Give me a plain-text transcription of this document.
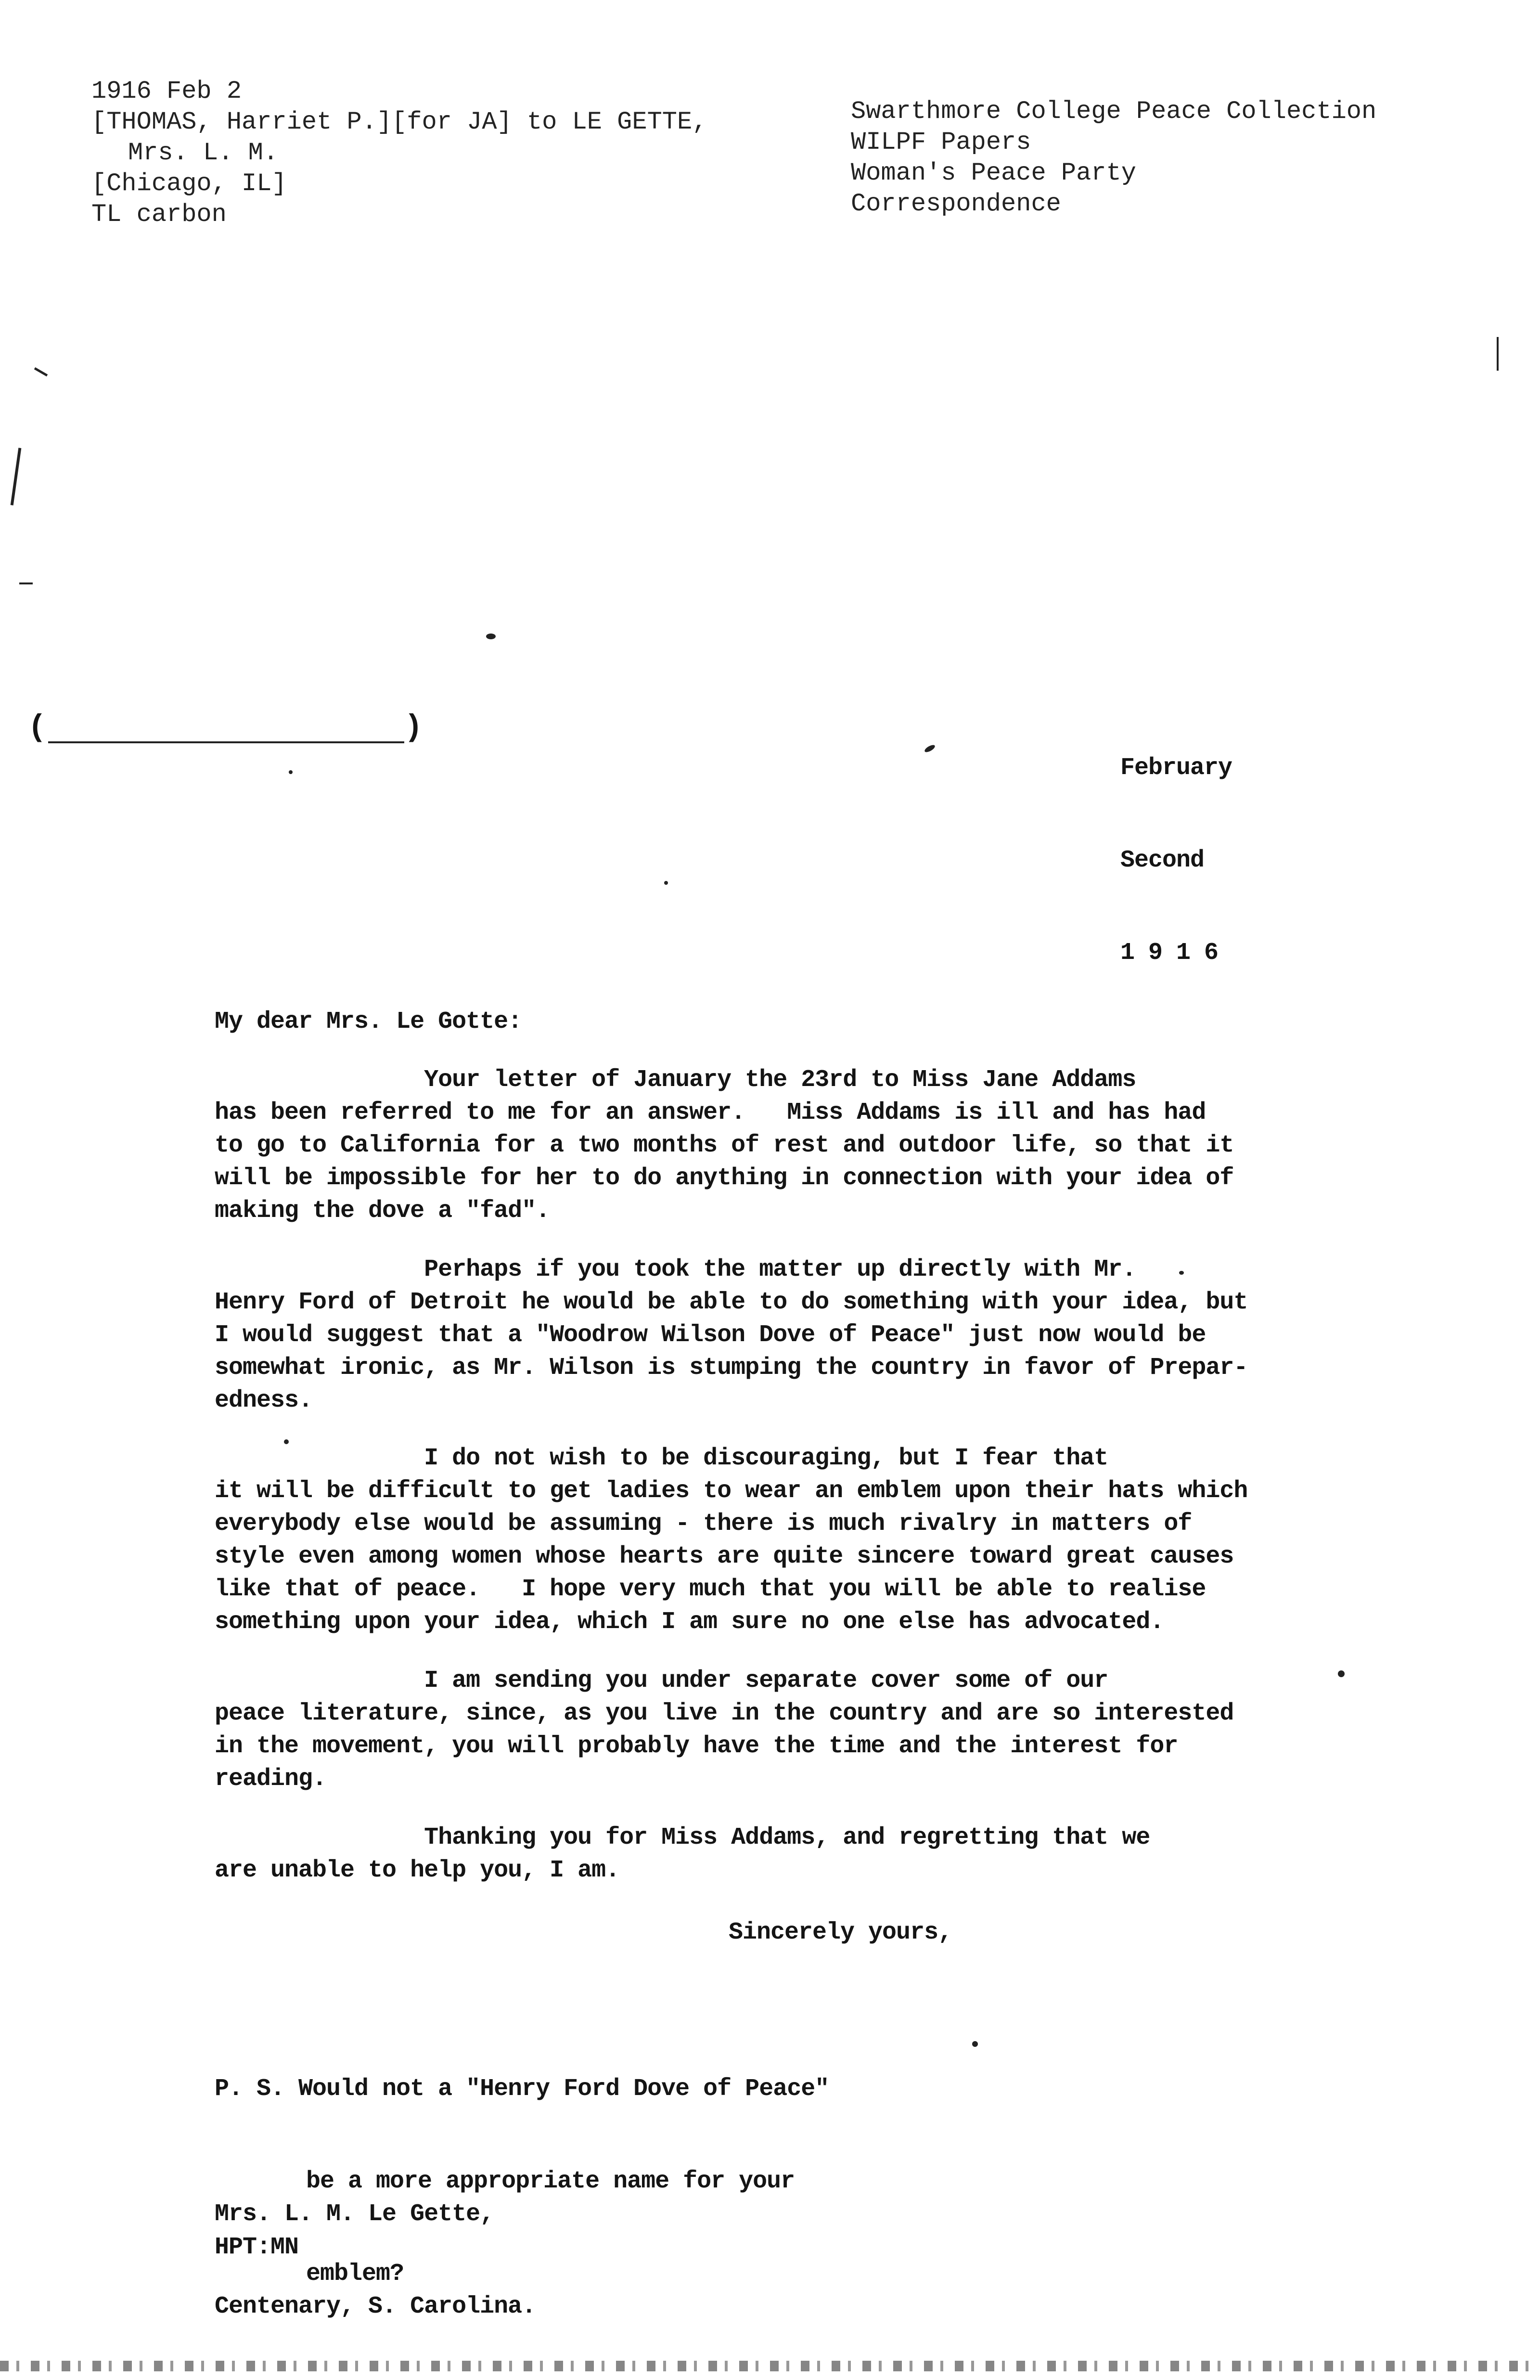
1916 Feb 2
[THOMAS, Harriet P.][for JA] to LE GETTE,
Mrs. L. M.
[Chicago, IL]
TL carbon
Swarthmore College Peace Collection
WILPF Papers
Woman's Peace Party
Correspondence
(	)

February

Second

1 9 1 6

My dear Mrs. Le Gotte:
Your letter of January the 23rd to Miss Jane Addams
has been referred to me for an answer.   Miss Addams is ill and has had
to go to California for a two months of rest and outdoor life, so that it
will be impossible for her to do anything in connection with your idea of
making the dove a "fad".
Perhaps if you took the matter up directly with Mr.
Henry Ford of Detroit he would be able to do something with your idea, but
I would suggest that a "Woodrow Wilson Dove of Peace" just now would be
somewhat ironic, as Mr. Wilson is stumping the country in favor of Prepar-
edness.
I do not wish to be discouraging, but I fear that
it will be difficult to get ladies to wear an emblem upon their hats which
everybody else would be assuming - there is much rivalry in matters of
style even among women whose hearts are quite sincere toward great causes
like that of peace.   I hope very much that you will be able to realise
something upon your idea, which I am sure no one else has advocated.
I am sending you under separate cover some of our
peace literature, since, as you live in the country and are so interested
in the movement, you will probably have the time and the interest for
reading.
Thanking you for Miss Addams, and regretting that we
are unable to help you, I am.
Sincerely yours,

P. S. Would not a "Henry Ford Dove of Peace"

be a more appropriate name for your

emblem?

Mrs. L. M. Le Gette,

Centenary, S. Carolina.

HPT:MN
